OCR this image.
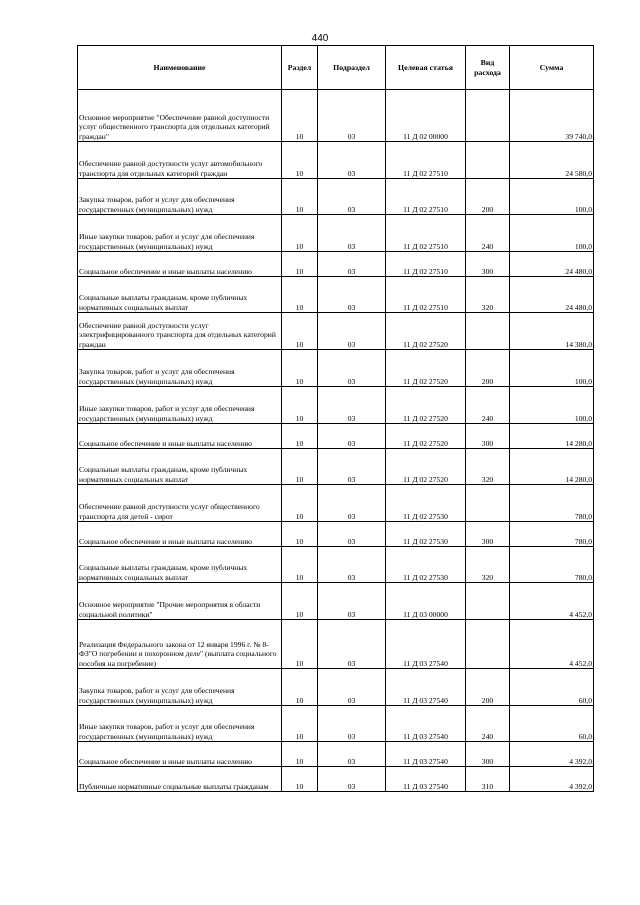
440
Наименование	Раздел	Подраздел	Целевая статья	Вид расхода	Сумма
Основное мероприятие "Обеспечение равной доступности услуг общественного транспорта для отдельных категорий граждан"	10	03	11 Д 02 00000		39 740,0
Обеспечение равной доступности услуг автомобильного транспорта для отдельных категорий граждан	10	03	11 Д 02 27510		24 580,0
Закупка товаров, работ и услуг для обеспечения государственных (муниципальных) нужд	10	03	11 Д 02 27510	200	100,0
Иные закупки товаров, работ и услуг для обеспечения государственных (муниципальных) нужд	10	03	11 Д 02 27510	240	100,0
Социальное обеспечение и иные выплаты населению	10	03	11 Д 02 27510	300	24 480,0
Социальные выплаты гражданам, кроме публичных нормативных социальных выплат	10	03	11 Д 02 27510	320	24 480,0
Обеспечение равной доступности услуг электрифицированного транспорта для отдельных категорий граждан	10	03	11 Д 02 27520		14 380,0
Закупка товаров, работ и услуг для обеспечения государственных (муниципальных) нужд	10	03	11 Д 02 27520	200	100,0
Иные закупки товаров, работ и услуг для обеспечения государственных (муниципальных) нужд	10	03	11 Д 02 27520	240	100,0
Социальное обеспечение и иные выплаты населению	10	03	11 Д 02 27520	300	14 280,0
Социальные выплаты гражданам, кроме публичных нормативных социальных выплат	10	03	11 Д 02 27520	320	14 280,0
Обеспечение равной доступности услуг общественного транспорта для детей - сирот	10	03	11 Д 02 27530		780,0
Социальное обеспечение и иные выплаты населению	10	03	11 Д 02 27530	300	780,0
Социальные выплаты гражданам, кроме публичных нормативных социальных выплат	10	03	11 Д 02 27530	320	780,0
Основное мероприятие "Прочие мероприятия в области социальной политики"	10	03	11 Д 03 00000		4 452,0
Реализация Федерального закона от 12 января 1996 г. № 8-ФЗ"О погребении и похоронном деле" (выплата социального пособия на погребение)	10	03	11 Д 03 27540		4 452,0
Закупка товаров, работ и услуг для обеспечения государственных (муниципальных) нужд	10	03	11 Д 03 27540	200	60,0
Иные закупки товаров, работ и услуг для обеспечения государственных (муниципальных) нужд	10	03	11 Д 03 27540	240	60,0
Социальное обеспечение и иные выплаты населению	10	03	11 Д 03 27540	300	4 392,0
Публичные нормативные социальные выплаты гражданам	10	03	11 Д 03 27540	310	4 392,0
